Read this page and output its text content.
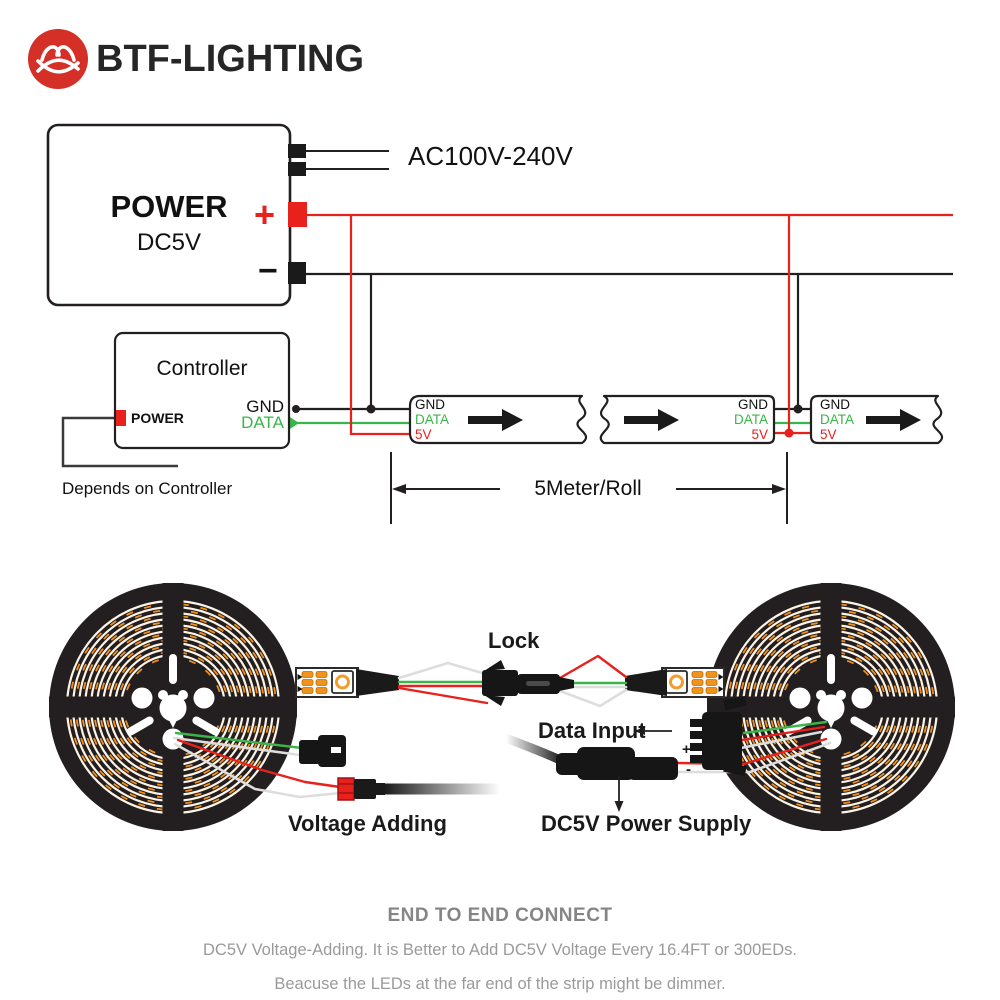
BTF-LIGHTING
AC100V-240V
POWER
DC5V
+
−
Controller
POWER
GND
DATA
Depends on Controller
GND
DATA
5V
GND
DATA
5V
GND
DATA
5V
5Meter/Roll
Lock
Data Input
Voltage Adding	DC5V Power Supply
+
-
END TO END CONNECT
DC5V Voltage-Adding. It is Better to Add DC5V Voltage Every 16.4FT or 300EDs.
Beacuse the LEDs at the far end of the strip might be dimmer.
